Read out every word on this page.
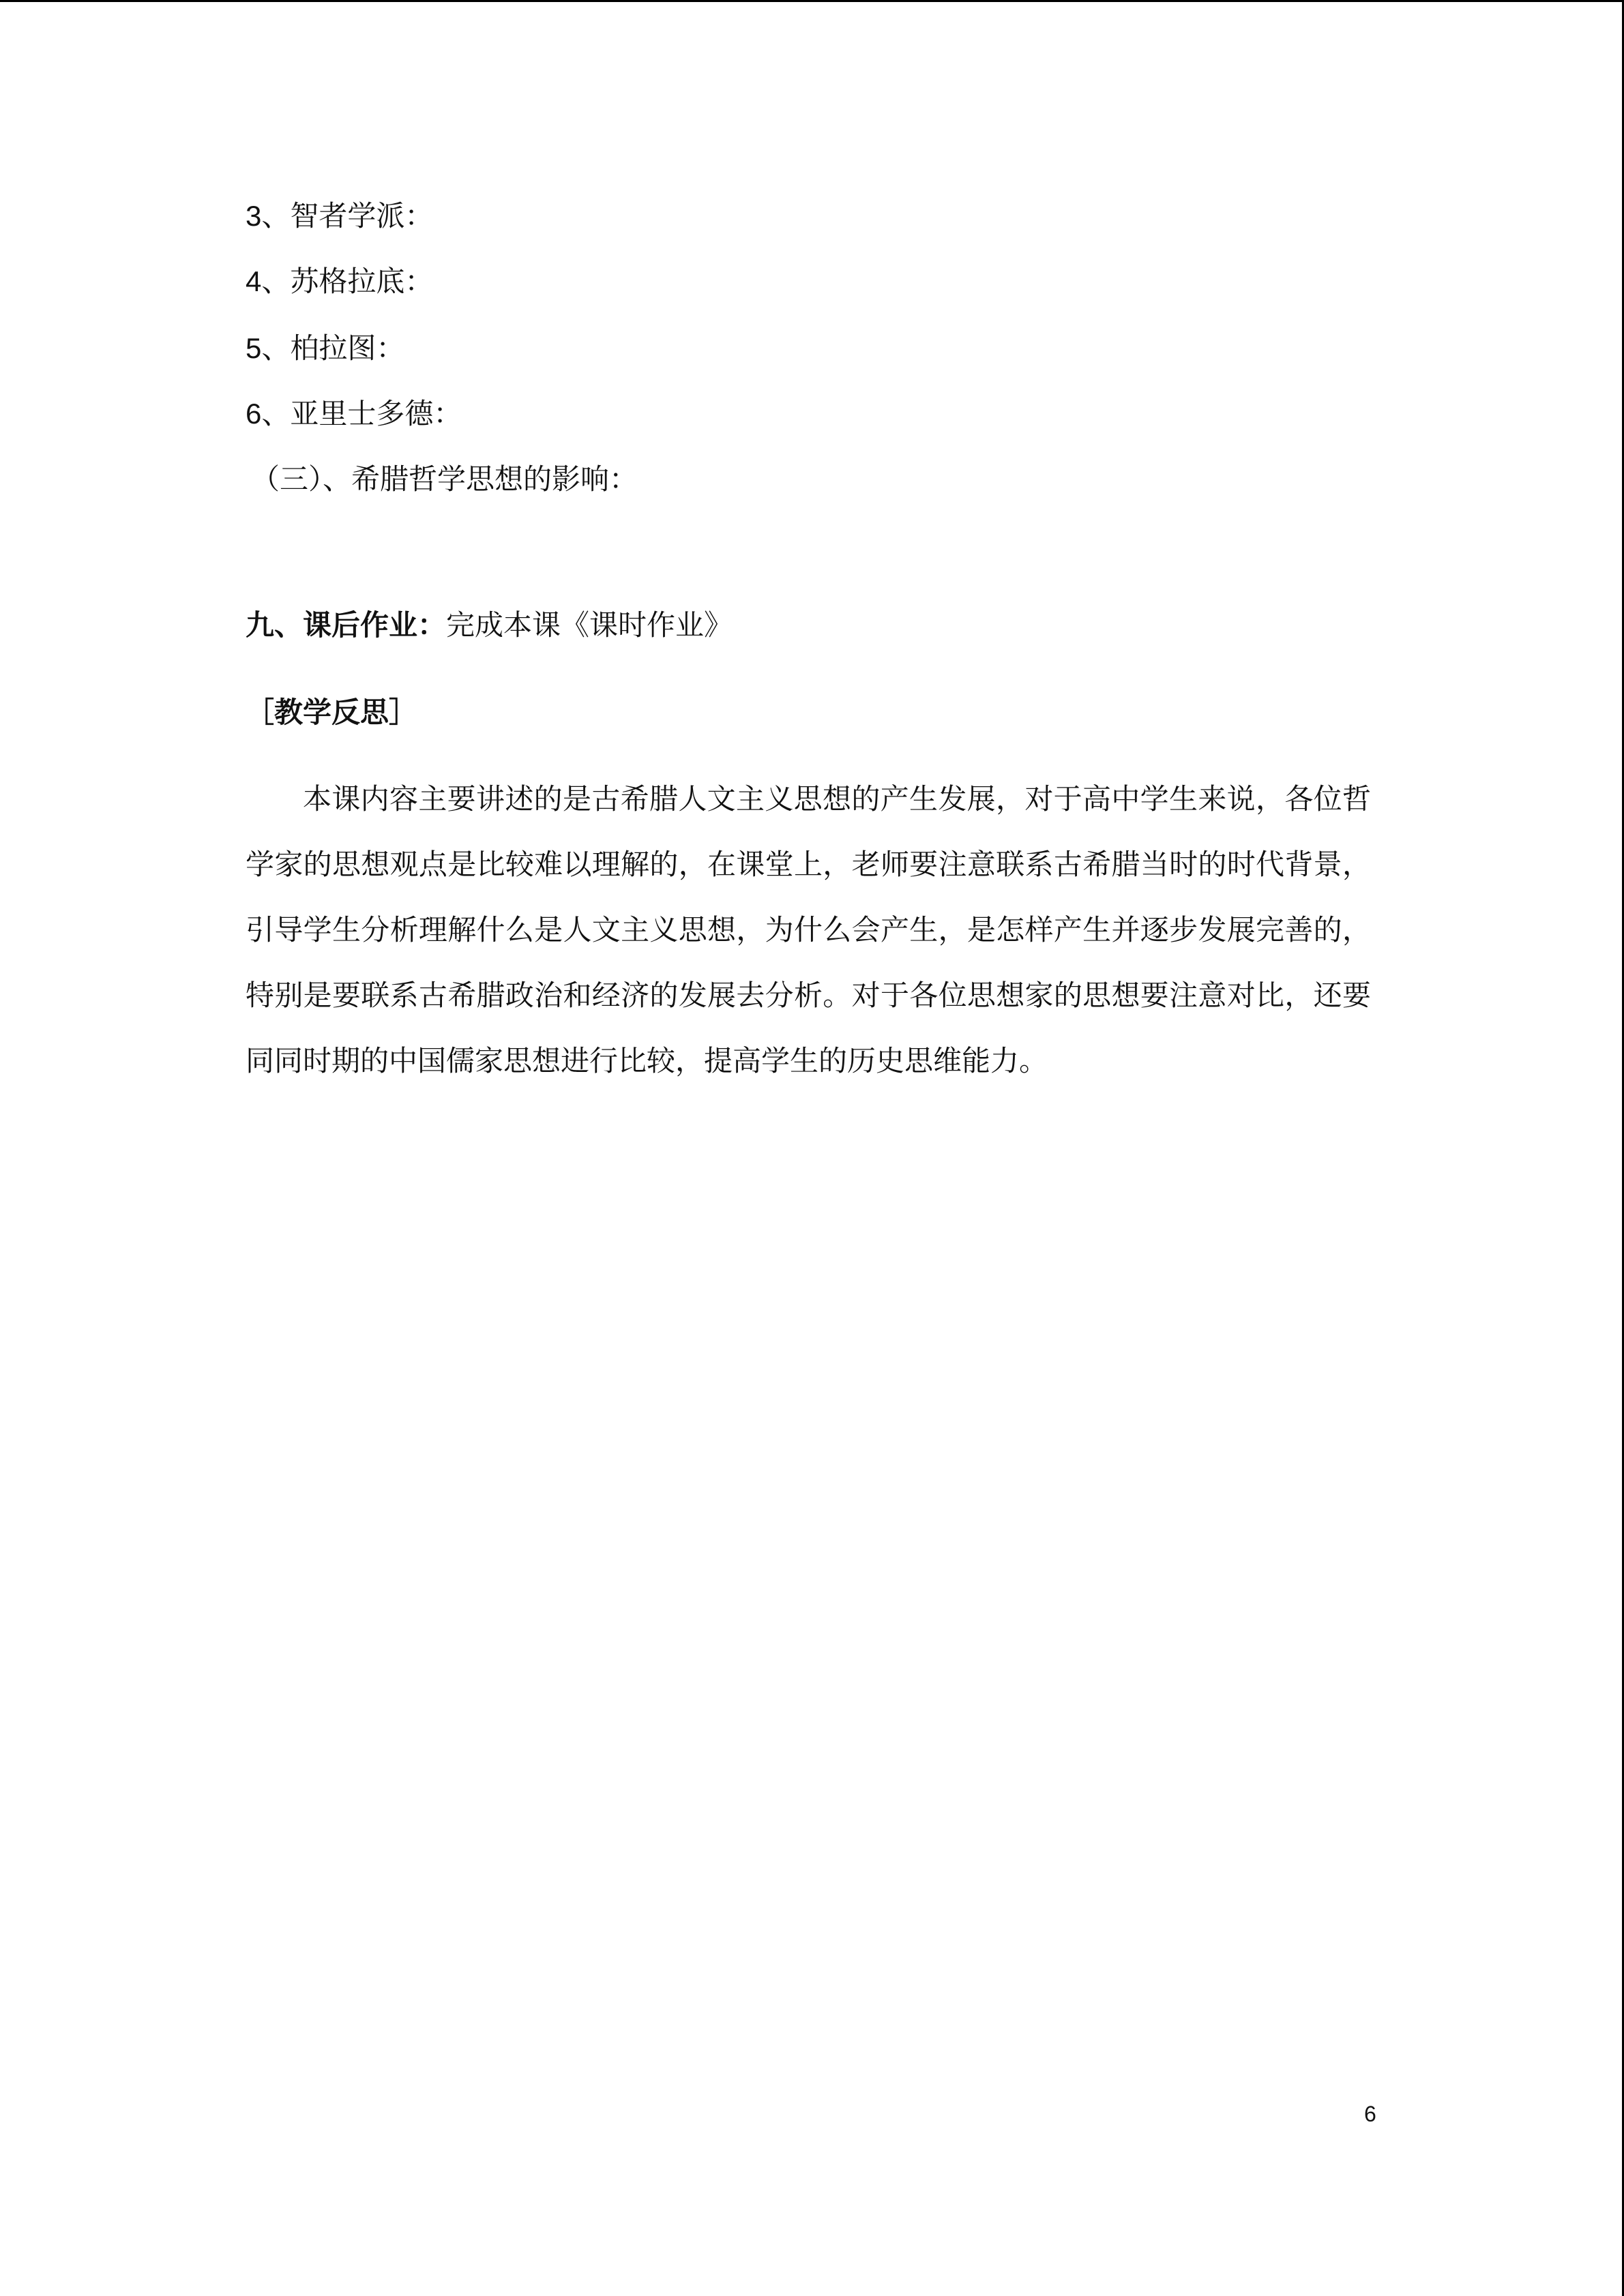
3、智者学派：
4、苏格拉底：
5、柏拉图：
6、亚里士多德：
（三）、希腊哲学思想的影响：
九、课后作业：完成本课《课时作业》
［教学反思］

本课内容主要讲述的是古希腊人文主义思想的产生发展，对于高中学生来说，各位哲学家的思想观点是比较难以理解的，在课堂上，老师要注意联系古希腊当时的时代背景，引导学生分析理解什么是人文主义思想，为什么会产生，是怎样产生并逐步发展完善的，特别是要联系古希腊政治和经济的发展去分析。对于各位思想家的思想要注意对比，还要同同时期的中国儒家思想进行比较，提高学生的历史思维能力。

6
